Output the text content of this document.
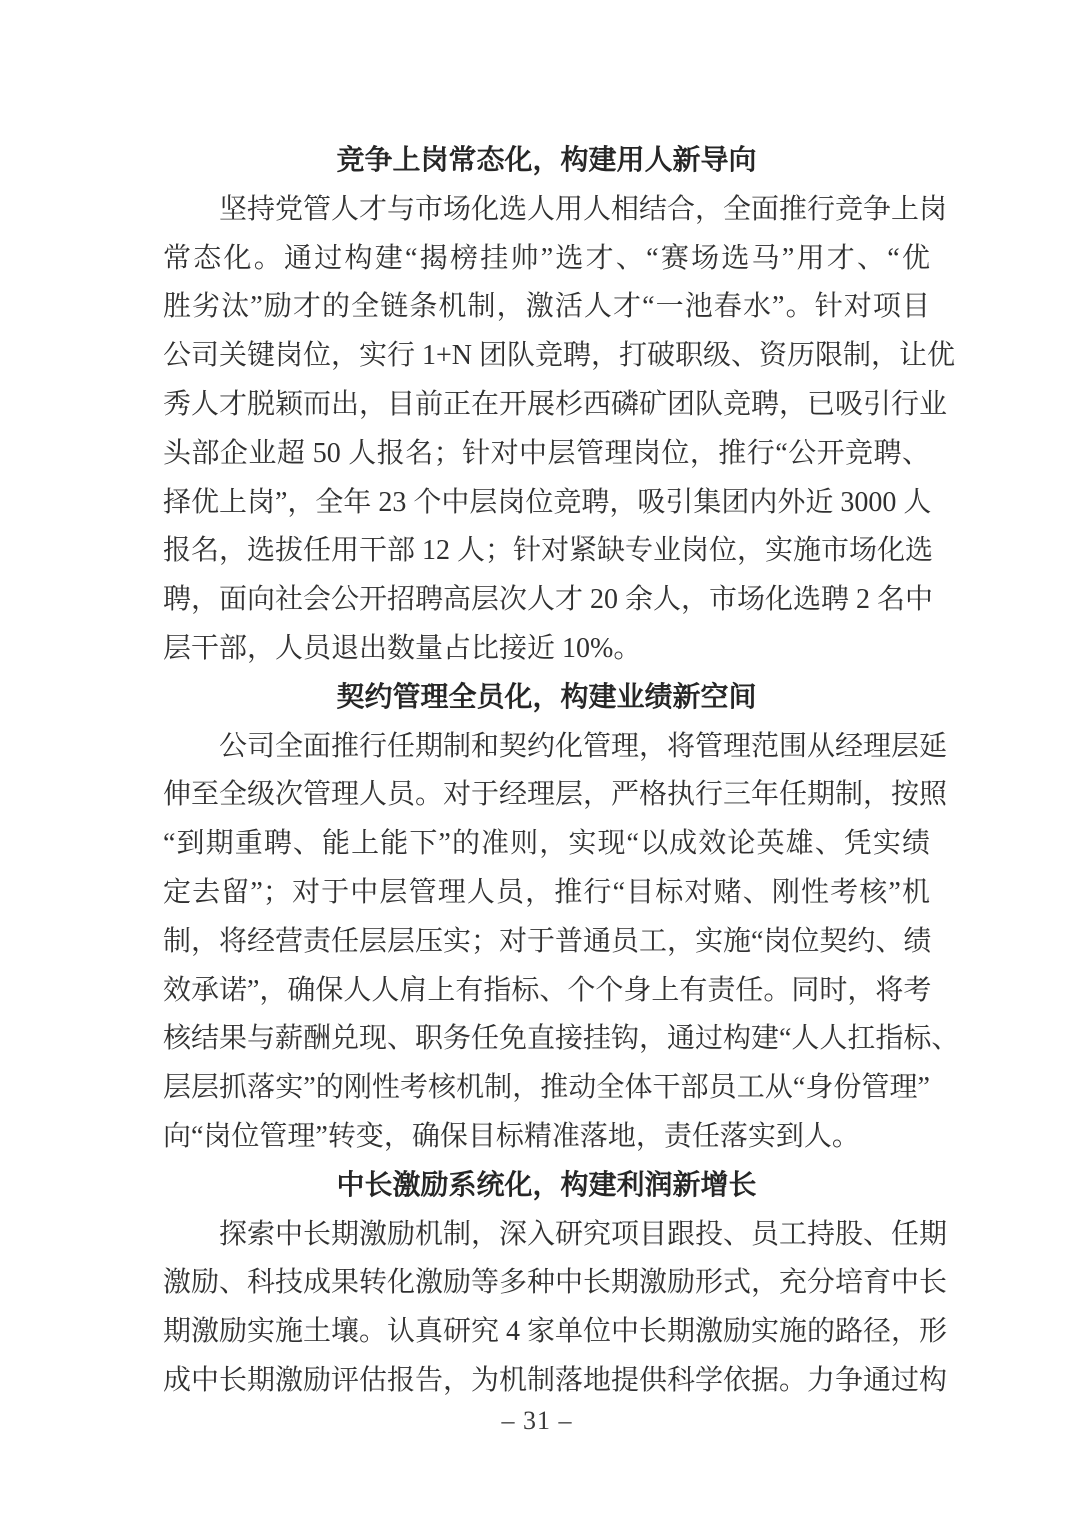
竞争上岗常态化，构建用人新导向
坚持党管人才与市场化选人用人相结合，全面推行竞争上岗
常态化。通过构建“揭榜挂帅”选才、“赛场选马”用才、“优
胜劣汰”励才的全链条机制，激活人才“一池春水”。针对项目
公司关键岗位，实行 1+N 团队竞聘，打破职级、资历限制，让优
秀人才脱颖而出，目前正在开展杉西磷矿团队竞聘，已吸引行业
头部企业超 50 人报名；针对中层管理岗位，推行“公开竞聘、
择优上岗”，全年 23 个中层岗位竞聘，吸引集团内外近 3000 人
报名，选拔任用干部 12 人；针对紧缺专业岗位，实施市场化选
聘，面向社会公开招聘高层次人才 20 余人，市场化选聘 2 名中
层干部，人员退出数量占比接近 10%。
契约管理全员化，构建业绩新空间
公司全面推行任期制和契约化管理，将管理范围从经理层延
伸至全级次管理人员。对于经理层，严格执行三年任期制，按照
“到期重聘、能上能下”的准则，实现“以成效论英雄、凭实绩
定去留”；对于中层管理人员，推行“目标对赌、刚性考核”机
制，将经营责任层层压实；对于普通员工，实施“岗位契约、绩
效承诺”，确保人人肩上有指标、个个身上有责任。同时，将考
核结果与薪酬兑现、职务任免直接挂钩，通过构建“人人扛指标、
层层抓落实”的刚性考核机制，推动全体干部员工从“身份管理”
向“岗位管理”转变，确保目标精准落地，责任落实到人。
中长激励系统化，构建利润新增长
探索中长期激励机制，深入研究项目跟投、员工持股、任期
激励、科技成果转化激励等多种中长期激励形式，充分培育中长
期激励实施土壤。认真研究 4 家单位中长期激励实施的路径，形
成中长期激励评估报告，为机制落地提供科学依据。力争通过构
– 31 –
